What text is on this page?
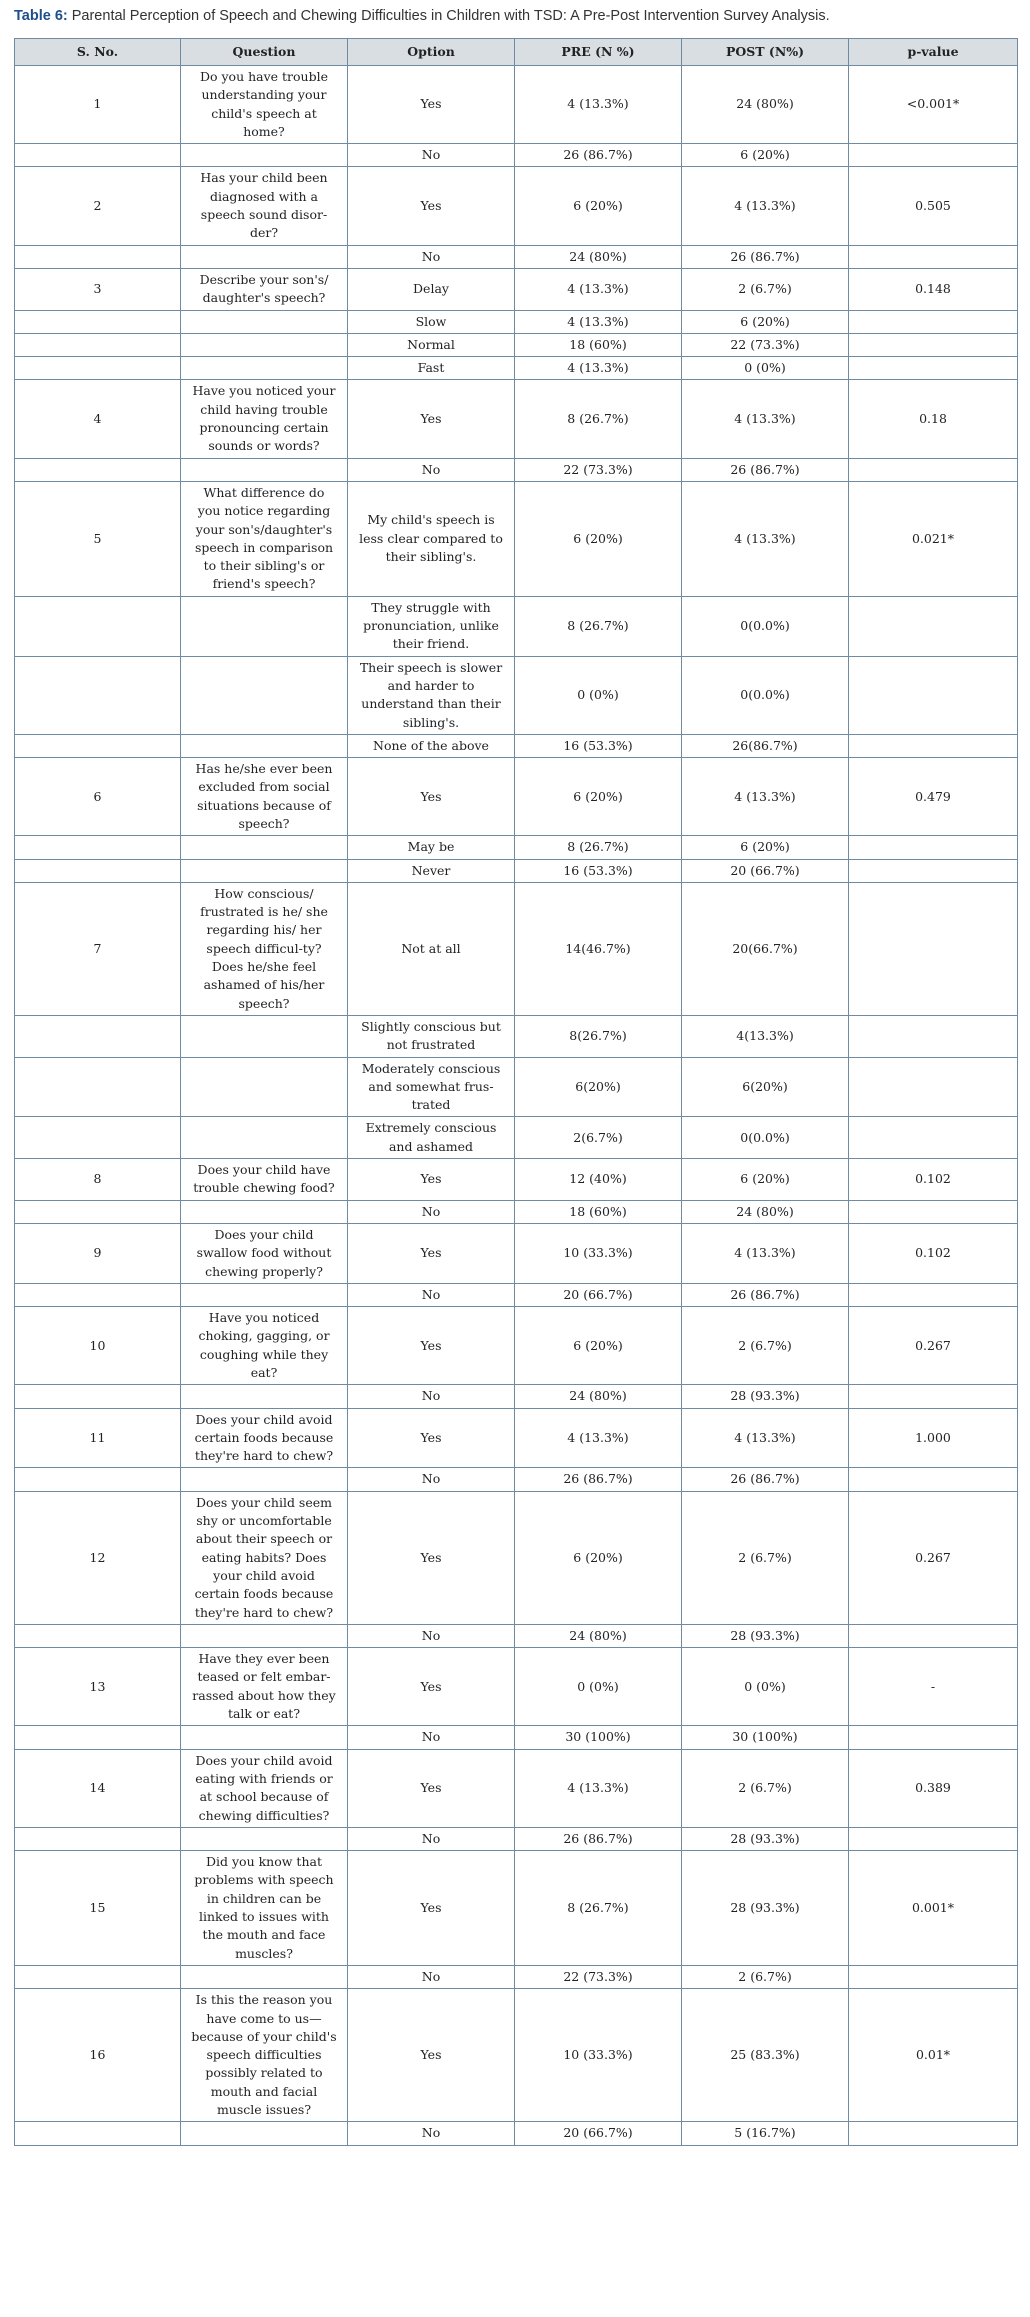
Table 6: Parental Perception of Speech and Chewing Difficulties in Children with TSD: A Pre-Post Intervention Survey Analysis.
S. No.	Question	Option	PRE (N %)	POST (N%)	p-value
1	Do you have trouble understanding your child's speech at home?	Yes	4 (13.3%)	24 (80%)	<0.001*
		No	26 (86.7%)	6 (20%)	
2	Has your child been diagnosed with a speech sound disor-der?	Yes	6 (20%)	4 (13.3%)	0.505
		No	24 (80%)	26 (86.7%)	
3	Describe your son's/ daughter's speech?	Delay	4 (13.3%)	2 (6.7%)	0.148
		Slow	4 (13.3%)	6 (20%)	
		Normal	18 (60%)	22 (73.3%)	
		Fast	4 (13.3%)	0 (0%)	
4	Have you noticed your child having trouble pronouncing certain sounds or words?	Yes	8 (26.7%)	4 (13.3%)	0.18
		No	22 (73.3%)	26 (86.7%)	
5	What difference do you notice regarding your son's/daughter's speech in comparison to their sibling's or friend's speech?	My child's speech is less clear compared to their sibling's.	6 (20%)	4 (13.3%)	0.021*
		They struggle with pronunciation, unlike their friend.	8 (26.7%)	0(0.0%)	
		Their speech is slower and harder to understand than their sibling's.	0 (0%)	0(0.0%)	
		None of the above	16 (53.3%)	26(86.7%)	
6	Has he/she ever been excluded from social situations because of speech?	Yes	6 (20%)	4 (13.3%)	0.479
		May be	8 (26.7%)	6 (20%)	
		Never	16 (53.3%)	20 (66.7%)	
7	How conscious/ frustrated is he/ she regarding his/ her speech difficul-ty? Does he/she feel ashamed of his/her speech?	Not at all	14(46.7%)	20(66.7%)	
		Slightly conscious but not frustrated	8(26.7%)	4(13.3%)	
		Moderately conscious and somewhat frus-trated	6(20%)	6(20%)	
		Extremely conscious and ashamed	2(6.7%)	0(0.0%)	
8	Does your child have trouble chewing food?	Yes	12 (40%)	6 (20%)	0.102
		No	18 (60%)	24 (80%)	
9	Does your child swallow food without chewing properly?	Yes	10 (33.3%)	4 (13.3%)	0.102
		No	20 (66.7%)	26 (86.7%)	
10	Have you noticed choking, gagging, or coughing while they eat?	Yes	6 (20%)	2 (6.7%)	0.267
		No	24 (80%)	28 (93.3%)	
11	Does your child avoid certain foods because they're hard to chew?	Yes	4 (13.3%)	4 (13.3%)	1.000
		No	26 (86.7%)	26 (86.7%)	
12	Does your child seem shy or uncomfortable about their speech or eating habits? Does your child avoid certain foods because they're hard to chew?	Yes	6 (20%)	2 (6.7%)	0.267
		No	24 (80%)	28 (93.3%)	
13	Have they ever been teased or felt embar-rassed about how they talk or eat?	Yes	0 (0%)	0 (0%)	-
		No	30 (100%)	30 (100%)	
14	Does your child avoid eating with friends or at school because of chewing difficulties?	Yes	4 (13.3%)	2 (6.7%)	0.389
		No	26 (86.7%)	28 (93.3%)	
15	Did you know that problems with speech in children can be linked to issues with the mouth and face muscles?	Yes	8 (26.7%)	28 (93.3%)	0.001*
		No	22 (73.3%)	2 (6.7%)	
16	Is this the reason you have come to us—because of your child's speech difficulties possibly related to mouth and facial muscle issues?	Yes	10 (33.3%)	25 (83.3%)	0.01*
		No	20 (66.7%)	5 (16.7%)	
